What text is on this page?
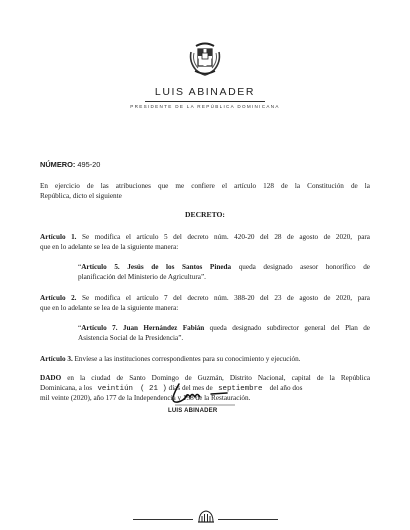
LUIS ABINADER
PRESIDENTE DE LA REPÚBLICA DOMINICANA
NÚMERO: 495-20
En ejercicio de las atribuciones que me confiere el artículo 128 de la Constitución de la
República, dicto el siguiente
DECRETO:
Artículo 1. Se modifica el artículo 5 del decreto núm. 420-20 del 28 de agosto de 2020, para
que en lo adelante se lea de la siguiente manera:
“Artículo 5. Jesús de los Santos Pineda queda designado asesor honorífico de
planificación del Ministerio de Agricultura”.
Artículo 2. Se modifica el artículo 7 del decreto núm. 388-20 del 23 de agosto de 2020, para
que en lo adelante se lea de la siguiente manera:
“Artículo 7. Juan Hernández Fabián queda designado subdirector general del Plan de
Asistencia Social de la Presidencia”.
Artículo 3. Envíese a las instituciones correspondientes para su conocimiento y ejecución.
DADO en la ciudad de Santo Domingo de Guzmán, Distrito Nacional, capital de la República
Dominicana, a los veintiún ( 21 ) días del mes de septiembre del año dos
mil veinte (2020), año 177 de la Independencia y 158 de la Restauración.
LUIS ABINADER
